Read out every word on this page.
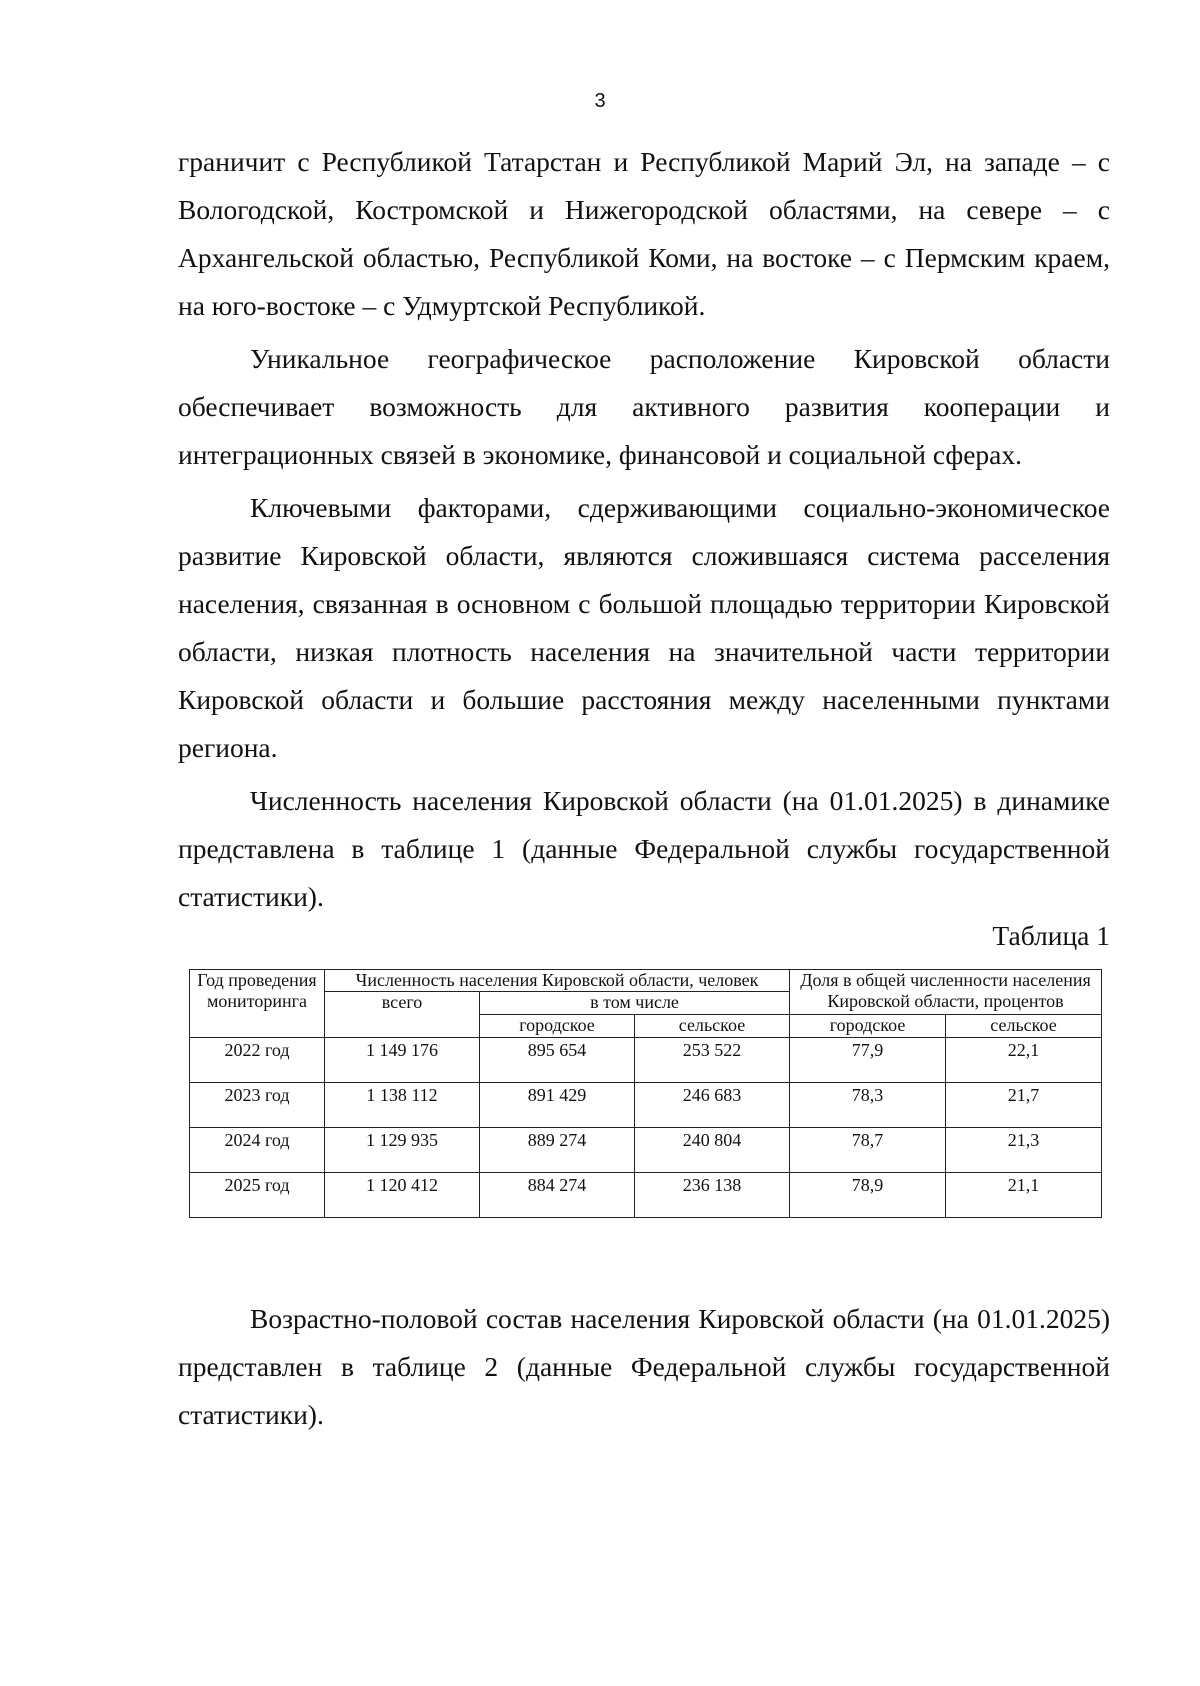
3

граничит с Республикой Татарстан и Республикой Марий Эл, на западе – с Вологодской, Костромской и Нижегородской областями, на севере – с Архангельской областью, Республикой Коми, на востоке – с Пермским краем, на юго-востоке – с Удмуртской Республикой.

Уникальное географическое расположение Кировской области обеспечивает возможность для активного развития кооперации и интеграционных связей в экономике, финансовой и социальной сферах.

Ключевыми факторами, сдерживающими социально-экономическое развитие Кировской области, являются сложившаяся система расселения населения, связанная в основном с большой площадью территории Кировской области, низкая плотность населения на значительной части территории Кировской области и большие расстояния между населенными пунктами региона.

Численность населения Кировской области (на 01.01.2025) в динамике представлена в таблице 1 (данные Федеральной службы государственной статистики).

Таблица 1
Год проведения мониторинга	Численность населения Кировской области, человек			Доля в общей численности населения Кировской области, процентов	
	всего	в том числе			
		городское	сельское	городское	сельское
2022 год	1 149 176	895 654	253 522	77,9	22,1
2023 год	1 138 112	891 429	246 683	78,3	21,7
2024 год	1 129 935	889 274	240 804	78,7	21,3
2025 год	1 120 412	884 274	236 138	78,9	21,1

Возрастно-половой состав населения Кировской области (на 01.01.2025) представлен в таблице 2 (данные Федеральной службы государственной статистики).
